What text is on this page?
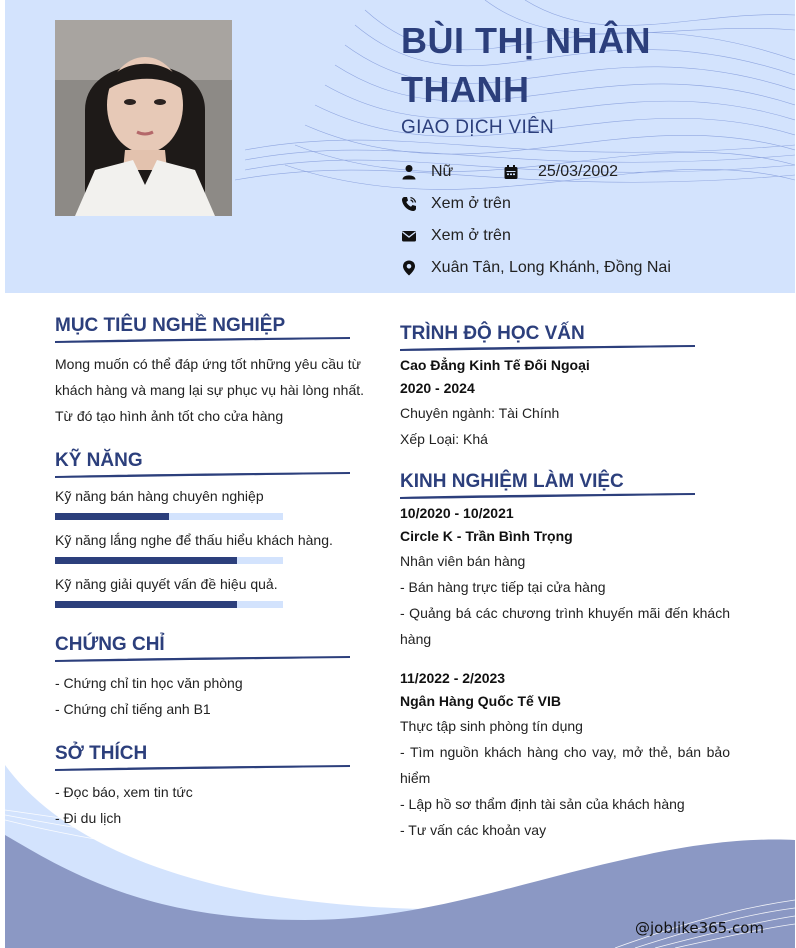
BÙI THỊ NHÂN THANH
GIAO DỊCH VIÊN
Nữ	25/03/2002
Xem ở trên
Xem ở trên
Xuân Tân, Long Khánh, Đồng Nai
MỤC TIÊU NGHỀ NGHIỆP
Mong muốn có thể đáp ứng tốt những yêu cầu từ khách hàng và mang lại sự phục vụ hài lòng nhất. Từ đó tạo hình ảnh tốt cho cửa hàng
KỸ NĂNG
Kỹ năng bán hàng chuyên nghiệp
Kỹ năng lắng nghe để thấu hiểu khách hàng.
Kỹ năng giải quyết vấn đề hiệu quả.
CHỨNG CHỈ
- Chứng chỉ tin học văn phòng
- Chứng chỉ tiếng anh B1
SỞ THÍCH
- Đọc báo, xem tin tức
- Đi du lịch
TRÌNH ĐỘ HỌC VẤN
Cao Đẳng Kinh Tế Đối Ngoại
2020 - 2024
Chuyên ngành: Tài Chính
Xếp Loại: Khá
KINH NGHIỆM LÀM VIỆC
10/2020 - 10/2021
Circle K - Trần Bình Trọng
Nhân viên bán hàng
- Bán hàng trực tiếp tại cửa hàng
- Quảng bá các chương trình khuyến mãi đến khách hàng
11/2022 - 2/2023
Ngân Hàng Quốc Tế VIB
Thực tập sinh phòng tín dụng
- Tìm nguồn khách hàng cho vay, mở thẻ, bán bảo hiểm
- Lập hồ sơ thẩm định tài sản của khách hàng
- Tư vấn các khoản vay
@joblike365.com
